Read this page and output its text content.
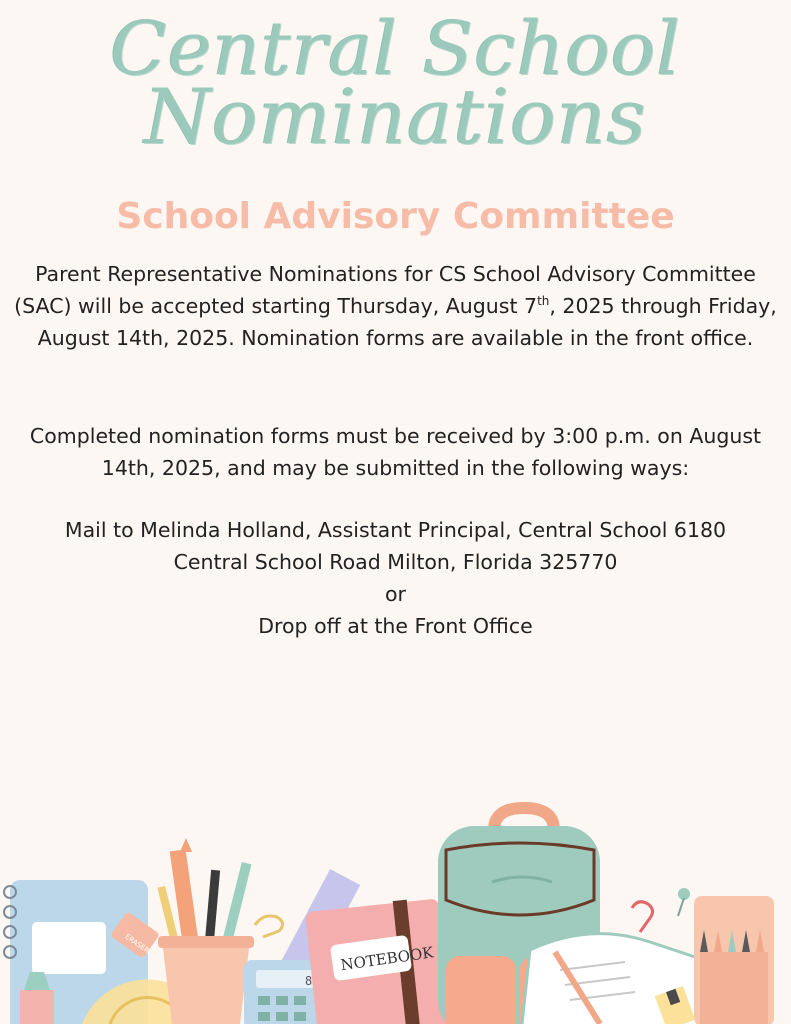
Central School
Nominations
School Advisory Committee
Parent Representative Nominations for CS School Advisory Committee (SAC) will be accepted starting Thursday, August 7th, 2025 through Friday, August 14th, 2025. Nomination forms are available in the front office.
Completed nomination forms must be received by 3:00 p.m. on August 14th, 2025, and may be submitted in the following ways:
Mail to Melinda Holland, Assistant Principal, Central School 6180
Central School Road Milton, Florida 325770
or
Drop off at the Front Office
ERASER
8
NOTEBOOK
